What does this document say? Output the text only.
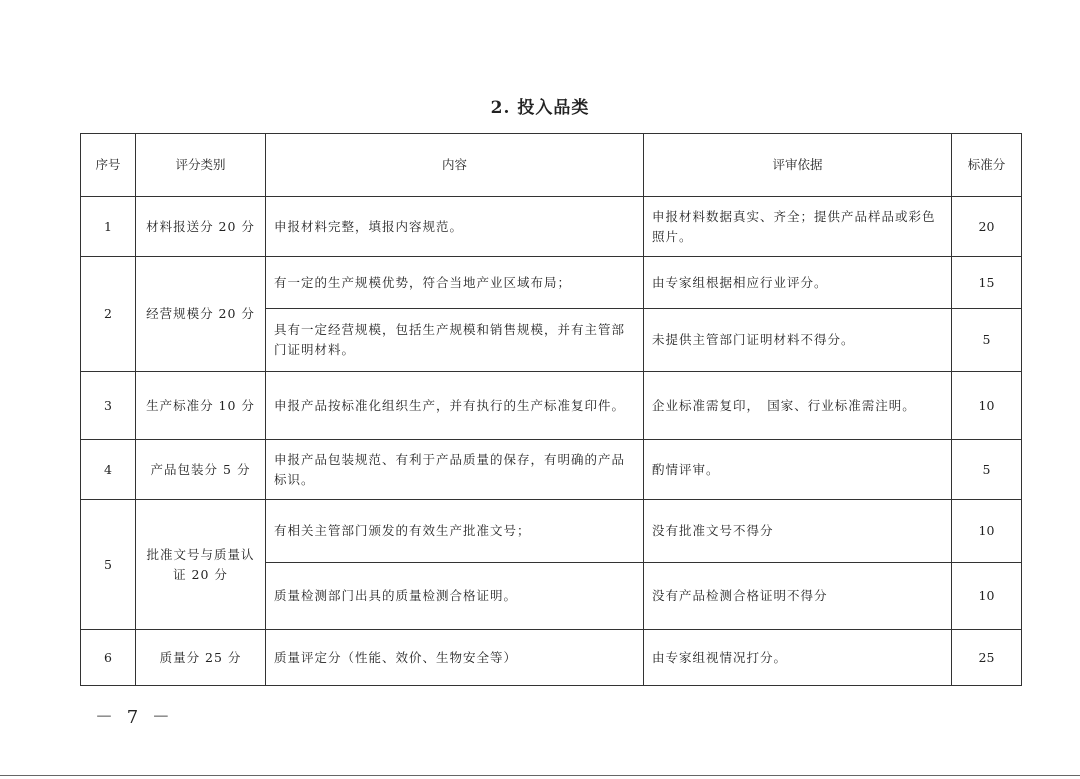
2. 投入品类
序号	评分类别	内容	评审依据	标准分
1	材料报送分 20 分	申报材料完整，填报内容规范。	申报材料数据真实、齐全；提供产品样品或彩色照片。	20
2	经营规模分 20 分	有一定的生产规模优势，符合当地产业区域布局；	由专家组根据相应行业评分。	15
		具有一定经营规模，包括生产规模和销售规模，并有主管部门证明材料。	未提供主管部门证明材料不得分。	5
3	生产标准分 10 分	申报产品按标准化组织生产，并有执行的生产标准复印件。	企业标准需复印，　国家、行业标准需注明。	10
4	产品包装分 5 分	申报产品包装规范、有利于产品质量的保存，有明确的产品标识。	酌情评审。	5
5	批准文号与质量认证 20 分	有相关主管部门颁发的有效生产批准文号；	没有批准文号不得分	10
		质量检测部门出具的质量检测合格证明。	没有产品检测合格证明不得分	10
6	质量分 25 分	质量评定分（性能、效价、生物安全等）	由专家组视情况打分。	25
－ 7 －
